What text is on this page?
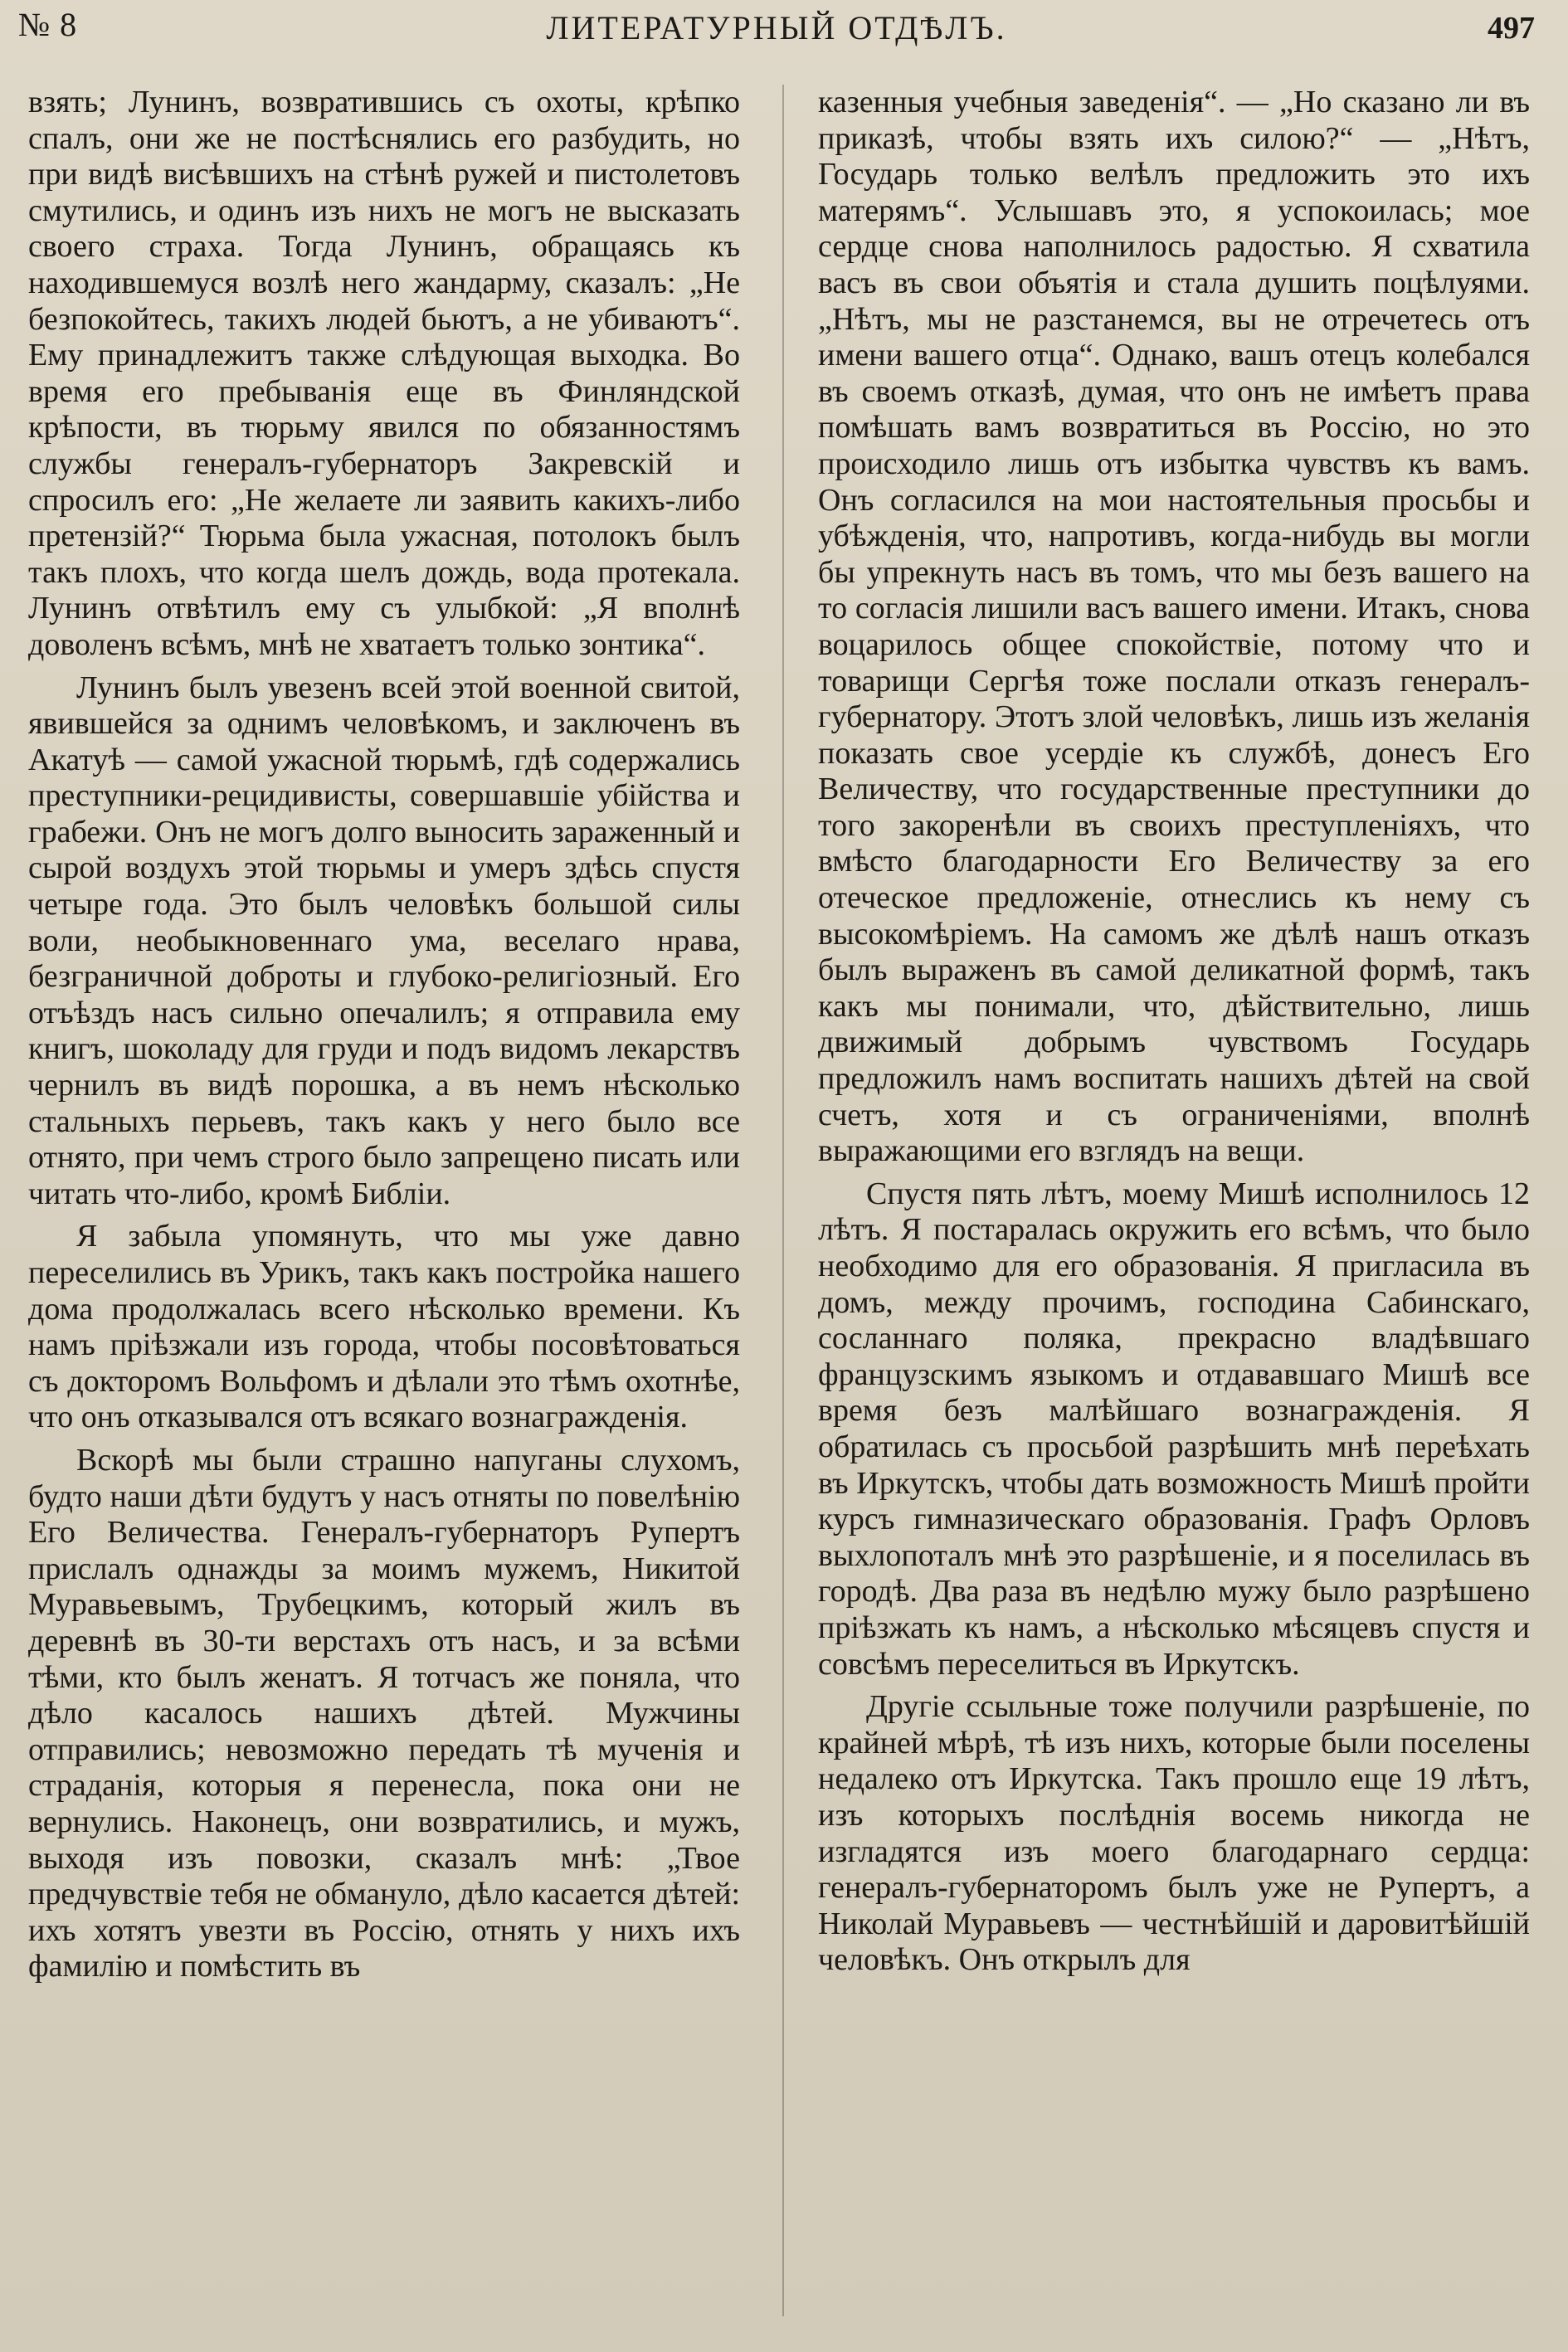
№ 8	ЛИТЕРАТУРНЫЙ ОТДѢЛЪ.	497

взять; Лунинъ, возвратившись съ охоты, крѣпко спалъ, они же не постѣснялись его разбудить, но при видѣ висѣвшихъ на стѣнѣ ружей и пистолетовъ смутились, и одинъ изъ нихъ не могъ не высказать своего страха. Тогда Лунинъ, обращаясь къ находившемуся возлѣ него жандарму, сказалъ: „Не безпокойтесь, такихъ людей бьютъ, а не убиваютъ“. Ему принадлежитъ также слѣдующая выходка. Во время его пребыванія еще въ Финляндской крѣпости, въ тюрьму явился по обязанностямъ службы генералъ-губернаторъ Закревскій и спросилъ его: „Не желаете ли заявить какихъ-либо претензій?“ Тюрьма была ужасная, потолокъ былъ такъ плохъ, что когда шелъ дождь, вода протекала. Лунинъ отвѣтилъ ему съ улыбкой: „Я вполнѣ доволенъ всѣмъ, мнѣ не хватаетъ только зонтика“.

Лунинъ былъ увезенъ всей этой военной свитой, явившейся за однимъ человѣкомъ, и заключенъ въ Акатуѣ — самой ужасной тюрьмѣ, гдѣ содержались преступники-рецидивисты, совершавшіе убійства и грабежи. Онъ не могъ долго выносить зараженный и сырой воздухъ этой тюрьмы и умеръ здѣсь спустя четыре года. Это былъ человѣкъ большой силы воли, необыкновеннаго ума, веселаго нрава, безграничной доброты и глубоко-религіозный. Его отъѣздъ насъ сильно опечалилъ; я отправила ему книгъ, шоколаду для груди и подъ видомъ лекарствъ чернилъ въ видѣ порошка, а въ немъ нѣсколько стальныхъ перьевъ, такъ какъ у него было все отнято, при чемъ строго было запрещено писать или читать что-либо, кромѣ Библіи.

Я забыла упомянуть, что мы уже давно переселились въ Урикъ, такъ какъ постройка нашего дома продолжалась всего нѣсколько времени. Къ намъ пріѣзжали изъ города, чтобы посовѣтоваться съ докторомъ Вольфомъ и дѣлали это тѣмъ охотнѣе, что онъ отказывался отъ всякаго вознагражденія.

Вскорѣ мы были страшно напуганы слухомъ, будто наши дѣти будутъ у насъ отняты по повелѣнію Его Величества. Генералъ-губернаторъ Рупертъ прислалъ однажды за моимъ мужемъ, Никитой Муравьевымъ, Трубецкимъ, который жилъ въ деревнѣ въ 30-ти верстахъ отъ насъ, и за всѣми тѣми, кто былъ женатъ. Я тотчасъ же поняла, что дѣло касалось нашихъ дѣтей. Мужчины отправились; невозможно передать тѣ мученія и страданія, которыя я перенесла, пока они не вернулись. Наконецъ, они возвратились, и мужъ, выходя изъ повозки, сказалъ мнѣ: „Твое предчувствіе тебя не обмануло, дѣло касается дѣтей: ихъ хотятъ увезти въ Россію, отнять у нихъ ихъ фамилію и помѣстить въ

казенныя учебныя заведенія“. — „Но сказано ли въ приказѣ, чтобы взять ихъ силою?“ — „Нѣтъ, Государь только велѣлъ предложить это ихъ матерямъ“. Услышавъ это, я успокоилась; мое сердце снова наполнилось радостью. Я схватила васъ въ свои объятія и стала душить поцѣлуями. „Нѣтъ, мы не разстанемся, вы не отречетесь отъ имени вашего отца“. Однако, вашъ отецъ колебался въ своемъ отказѣ, думая, что онъ не имѣетъ права помѣшать вамъ возвратиться въ Россію, но это происходило лишь отъ избытка чувствъ къ вамъ. Онъ согласился на мои настоятельныя просьбы и убѣжденія, что, напротивъ, когда-нибудь вы могли бы упрекнуть насъ въ томъ, что мы безъ вашего на то согласія лишили васъ вашего имени. Итакъ, снова воцарилось общее спокойствіе, потому что и товарищи Сергѣя тоже послали отказъ генералъ-губернатору. Этотъ злой человѣкъ, лишь изъ желанія показать свое усердіе къ службѣ, донесъ Его Величеству, что государственные преступники до того закоренѣли въ своихъ преступленіяхъ, что вмѣсто благодарности Его Величеству за его отеческое предложеніе, отнеслись къ нему съ высокомѣріемъ. На самомъ же дѣлѣ нашъ отказъ былъ выраженъ въ самой деликатной формѣ, такъ какъ мы понимали, что, дѣйствительно, лишь движимый добрымъ чувствомъ Государь предложилъ намъ воспитать нашихъ дѣтей на свой счетъ, хотя и съ ограниченіями, вполнѣ выражающими его взглядъ на вещи.

Спустя пять лѣтъ, моему Мишѣ исполнилось 12 лѣтъ. Я постаралась окружить его всѣмъ, что было необходимо для его образованія. Я пригласила въ домъ, между прочимъ, господина Сабинскаго, сосланнаго поляка, прекрасно владѣвшаго французскимъ языкомъ и отдававшаго Мишѣ все время безъ малѣйшаго вознагражденія. Я обратилась съ просьбой разрѣшить мнѣ переѣхать въ Иркутскъ, чтобы дать возможность Мишѣ пройти курсъ гимназическаго образованія. Графъ Орловъ выхлопоталъ мнѣ это разрѣшеніе, и я поселилась въ городѣ. Два раза въ недѣлю мужу было разрѣшено пріѣзжать къ намъ, а нѣсколько мѣсяцевъ спустя и совсѣмъ переселиться въ Иркутскъ.

Другіе ссыльные тоже получили разрѣшеніе, по крайней мѣрѣ, тѣ изъ нихъ, которые были поселены недалеко отъ Иркутска. Такъ прошло еще 19 лѣтъ, изъ которыхъ послѣднія восемь никогда не изгладятся изъ моего благодарнаго сердца: генералъ-губернаторомъ былъ уже не Рупертъ, а Николай Муравьевъ — честнѣйшій и даровитѣйшій человѣкъ. Онъ открылъ для
